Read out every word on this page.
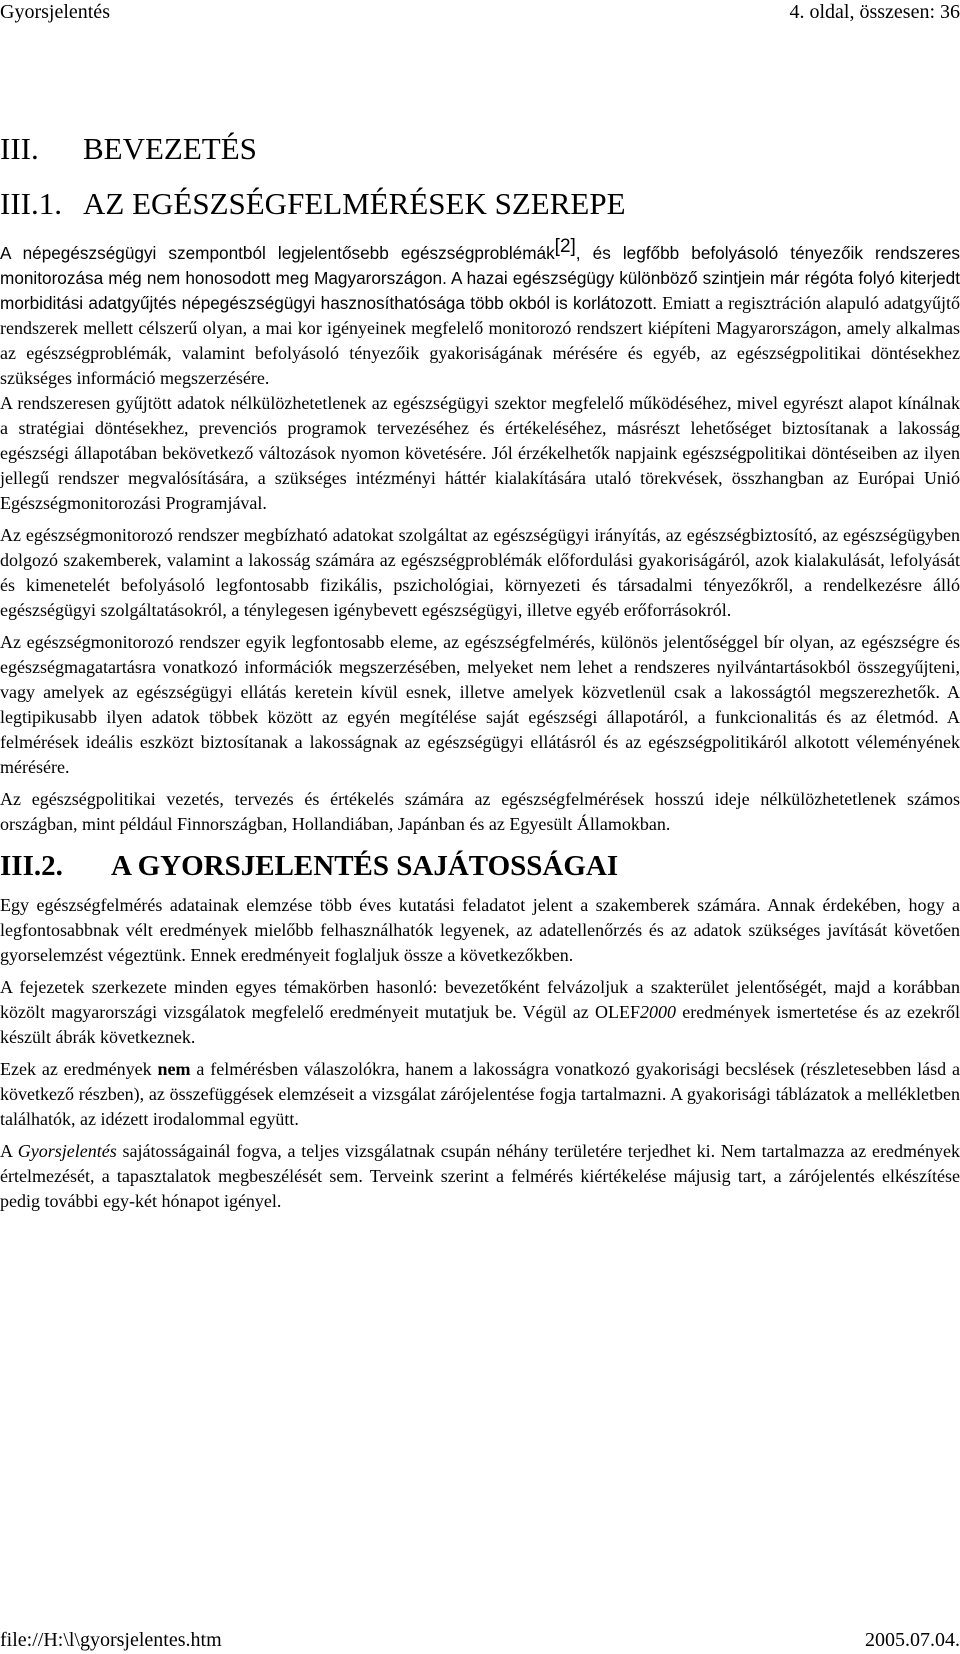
Gyorsjelentés	4. oldal, összesen: 36
III.	BEVEZETÉS
III.1. AZ EGÉSZSÉGFELMÉRÉSEK SZEREPE

A népegészségügyi szempontból legjelentősebb egészségproblémák[2], és legfőbb befolyásoló tényezőik rendszeres monitorozása még nem honosodott meg Magyarországon. A hazai egészségügy különböző szintjein már régóta folyó kiterjedt morbiditási adatgyűjtés népegészségügyi hasznosíthatósága több okból is korlátozott. Emiatt a regisztráción alapuló adatgyűjtő rendszerek mellett célszerű olyan, a mai kor igényeinek megfelelő monitorozó rendszert kiépíteni Magyarországon, amely alkalmas az egészségproblémák, valamint befolyásoló tényezőik gyakoriságának mérésére és egyéb, az egészségpolitikai döntésekhez szükséges információ megszerzésére.

A rendszeresen gyűjtött adatok nélkülözhetetlenek az egészségügyi szektor megfelelő működéséhez, mivel egyrészt alapot kínálnak a stratégiai döntésekhez, prevenciós programok tervezéséhez és értékeléséhez, másrészt lehetőséget biztosítanak a lakosság egészségi állapotában bekövetkező változások nyomon követésére. Jól érzékelhetők napjaink egészségpolitikai döntéseiben az ilyen jellegű rendszer megvalósítására, a szükséges intézményi háttér kialakítására utaló törekvések, összhangban az Európai Unió Egészségmonitorozási Programjával.

Az egészségmonitorozó rendszer megbízható adatokat szolgáltat az egészségügyi irányítás, az egészségbiztosító, az egészségügyben dolgozó szakemberek, valamint a lakosság számára az egészségproblémák előfordulási gyakoriságáról, azok kialakulását, lefolyását és kimenetelét befolyásoló legfontosabb fizikális, pszichológiai, környezeti és társadalmi tényezőkről, a rendelkezésre álló egészségügyi szolgáltatásokról, a ténylegesen igénybevett egészségügyi, illetve egyéb erőforrásokról.

Az egészségmonitorozó rendszer egyik legfontosabb eleme, az egészségfelmérés, különös jelentőséggel bír olyan, az egészségre és egészségmagatartásra vonatkozó információk megszerzésében, melyeket nem lehet a rendszeres nyilvántartásokból összegyűjteni, vagy amelyek az egészségügyi ellátás keretein kívül esnek, illetve amelyek közvetlenül csak a lakosságtól megszerezhetők. A legtipikusabb ilyen adatok többek között az egyén megítélése saját egészségi állapotáról, a funkcionalitás és az életmód. A felmérések ideális eszközt biztosítanak a lakosságnak az egészségügyi ellátásról és az egészségpolitikáról alkotott véleményének mérésére.

Az egészségpolitikai vezetés, tervezés és értékelés számára az egészségfelmérések hosszú ideje nélkülözhetetlenek számos országban, mint például Finnországban, Hollandiában, Japánban és az Egyesült Államokban.

III.2.	A GYORSJELENTÉS SAJÁTOSSÁGAI

Egy egészségfelmérés adatainak elemzése több éves kutatási feladatot jelent a szakemberek számára. Annak érdekében, hogy a legfontosabbnak vélt eredmények mielőbb felhasználhatók legyenek, az adatellenőrzés és az adatok szükséges javítását követően gyorselemzést végeztünk. Ennek eredményeit foglaljuk össze a következőkben.

A fejezetek szerkezete minden egyes témakörben hasonló: bevezetőként felvázoljuk a szakterület jelentőségét, majd a korábban közölt magyarországi vizsgálatok megfelelő eredményeit mutatjuk be. Végül az OLEF2000 eredmények ismertetése és az ezekről készült ábrák következnek.

Ezek az eredmények nem a felmérésben válaszolókra, hanem a lakosságra vonatkozó gyakorisági becslések (részletesebben lásd a következő részben), az összefüggések elemzéseit a vizsgálat zárójelentése fogja tartalmazni. A gyakorisági táblázatok a mellékletben találhatók, az idézett irodalommal együtt.

A Gyorsjelentés sajátosságainál fogva, a teljes vizsgálatnak csupán néhány területére terjedhet ki. Nem tartalmazza az eredmények értelmezését, a tapasztalatok megbeszélését sem. Terveink szerint a felmérés kiértékelése májusig tart, a zárójelentés elkészítése pedig további egy-két hónapot igényel.

file://H:\l\gyorsjelentes.htm	2005.07.04.
